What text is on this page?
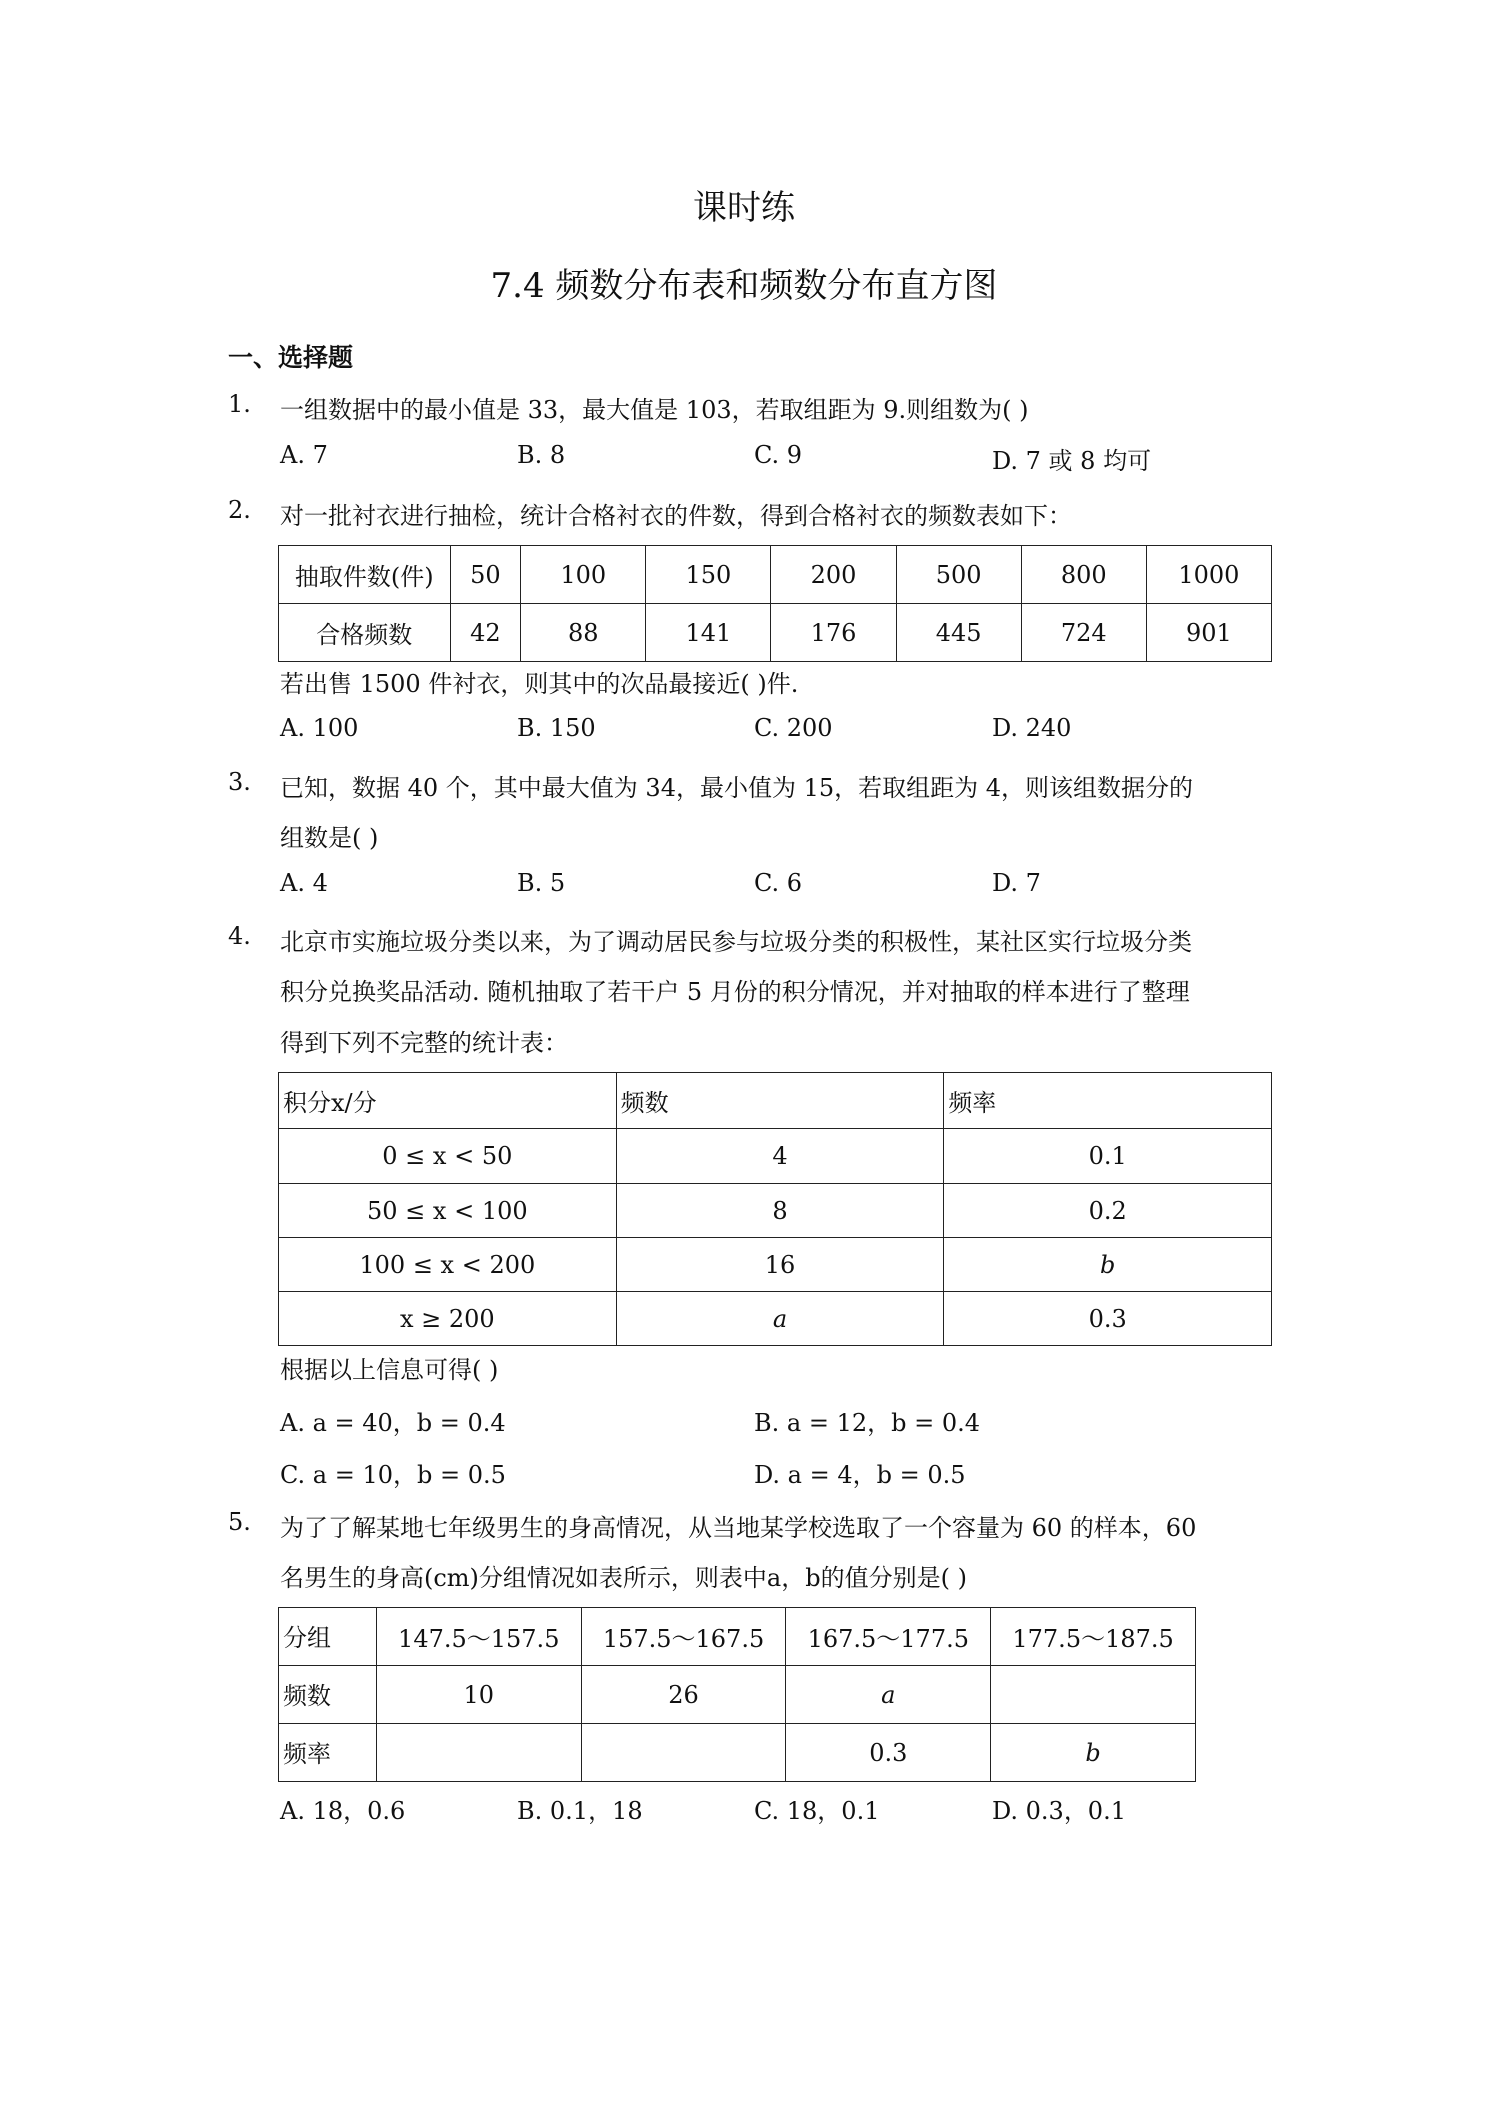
课时练
7.4 频数分布表和频数分布直方图
一、选择题
1. 一组数据中的最小值是 33，最大值是 103，若取组距为 9.则组数为( )
A. 7	B. 8	C. 9	D. 7 或 8 均可
2. 对一批衬衣进行抽检，统计合格衬衣的件数，得到合格衬衣的频数表如下：
抽取件数(件)	50	100	150	200	500	800	1000
合格频数	42	88	141	176	445	724	901
若出售 1500 件衬衣，则其中的次品最接近( )件.
A. 100	B. 150	C. 200	D. 240
3. 已知，数据 40 个，其中最大值为 34，最小值为 15，若取组距为 4，则该组数据分的
组数是( )
A. 4	B. 5	C. 6	D. 7
4. 北京市实施垃圾分类以来，为了调动居民参与垃圾分类的积极性，某社区实行垃圾分类
积分兑换奖品活动. 随机抽取了若干户 5 月份的积分情况，并对抽取的样本进行了整理
得到下列不完整的统计表：
积分x/分	频数	频率
0 ≤ x < 50	4	0.1
50 ≤ x < 100	8	0.2
100 ≤ x < 200	16	b
x ≥ 200	a	0.3
根据以上信息可得( )
A. a = 40，b = 0.4	B. a = 12，b = 0.4
C. a = 10，b = 0.5	D. a = 4，b = 0.5
5. 为了了解某地七年级男生的身高情况，从当地某学校选取了一个容量为 60 的样本，60
名男生的身高(cm)分组情况如表所示，则表中a，b的值分别是( )
分组	147.5～157.5	157.5～167.5	167.5～177.5	177.5～187.5
频数	10	26	a	
频率			0.3	b
A. 18，0.6	B. 0.1，18	C. 18，0.1	D. 0.3，0.1
